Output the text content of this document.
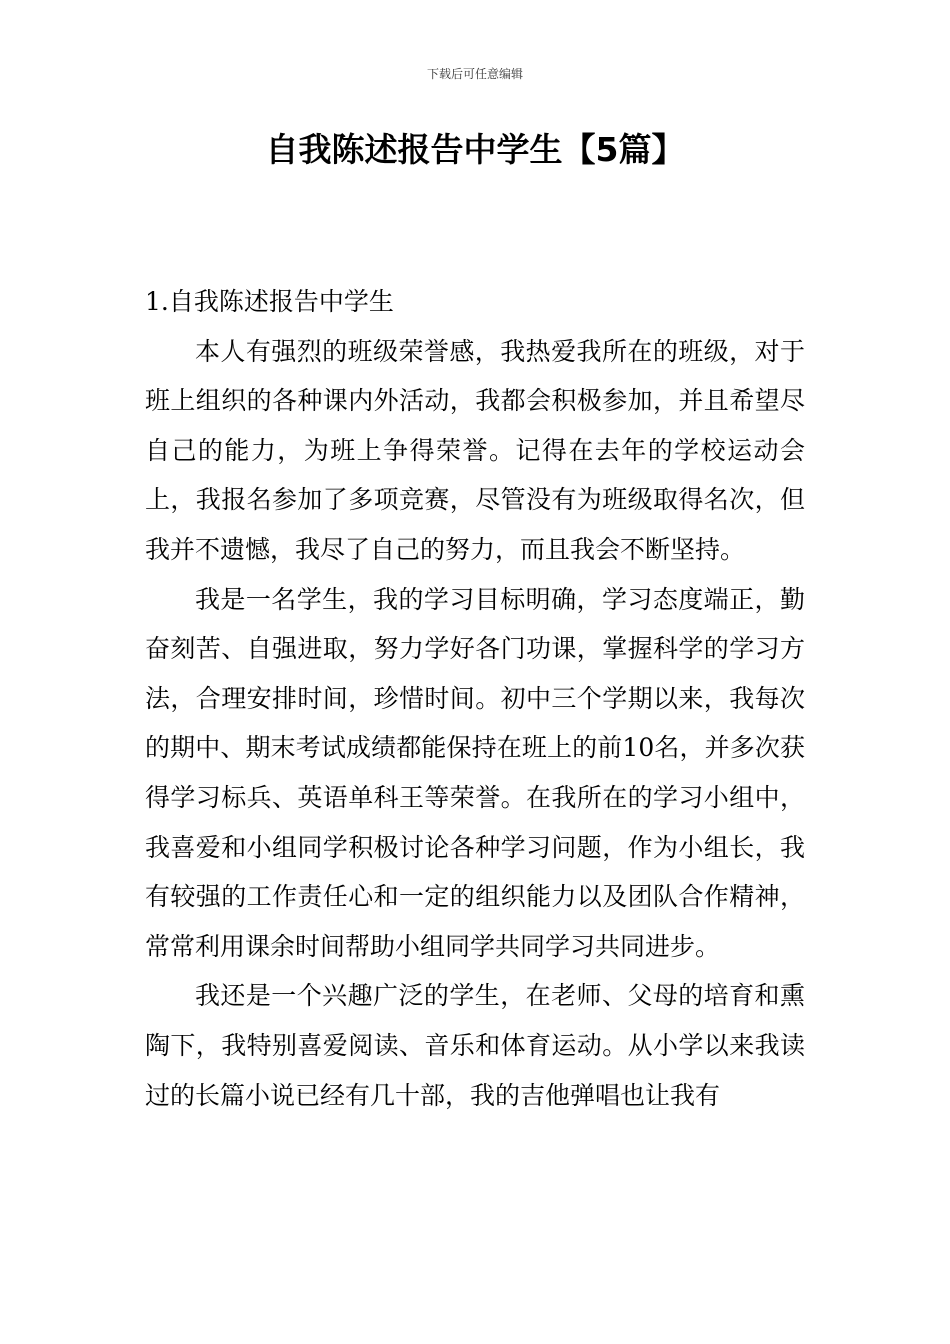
下载后可任意编辑
自我陈述报告中学生【5篇】
1.自我陈述报告中学生

本人有强烈的班级荣誉感，我热爱我所在的班级，对于班上组织的各种课内外活动，我都会积极参加，并且希望尽自己的能力，为班上争得荣誉。记得在去年的学校运动会上，我报名参加了多项竞赛，尽管没有为班级取得名次，但我并不遗憾，我尽了自己的努力，而且我会不断坚持。

我是一名学生，我的学习目标明确，学习态度端正，勤奋刻苦、自强进取，努力学好各门功课，掌握科学的学习方法，合理安排时间，珍惜时间。初中三个学期以来，我每次的期中、期末考试成绩都能保持在班上的前10名，并多次获得学习标兵、英语单科王等荣誉。在我所在的学习小组中，我喜爱和小组同学积极讨论各种学习问题，作为小组长，我有较强的工作责任心和一定的组织能力以及团队合作精神，常常利用课余时间帮助小组同学共同学习共同进步。

我还是一个兴趣广泛的学生，在老师、父母的培育和熏陶下，我特别喜爱阅读、音乐和体育运动。从小学以来我读过的长篇小说已经有几十部，我的吉他弹唱也让我有
